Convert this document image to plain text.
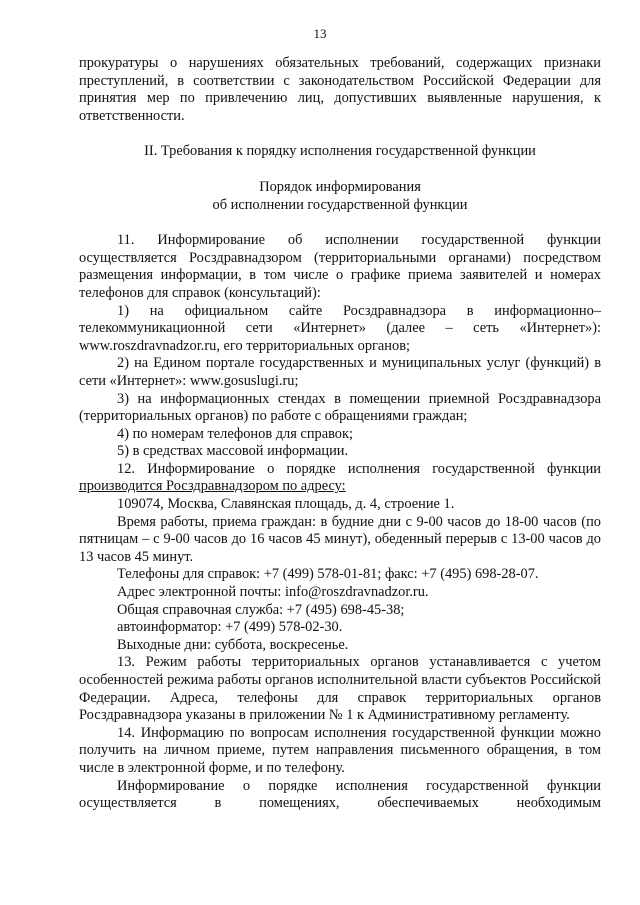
13

прокуратуры о нарушениях обязательных требований, содержащих признаки преступлений, в соответствии с законодательством Российской Федерации для принятия мер по привлечению лиц, допустивших выявленные нарушения, к ответственности.

II. Требования к порядку исполнения государственной функции

Порядок информирования

об исполнении государственной функции

11. Информирование об исполнении государственной функции осуществляется Росздравнадзором (территориальными органами) посредством размещения информации, в том числе о графике приема заявителей и номерах телефонов для справок (консультаций):

1) на официальном сайте Росздравнадзора в информационно–телекоммуникационной сети «Интернет» (далее – сеть «Интернет»): www.roszdravnadzor.ru, его территориальных органов;

2) на Едином портале государственных и муниципальных услуг (функций) в сети «Интернет»: www.gosuslugi.ru;

3) на информационных стендах в помещении приемной Росздравнадзора (территориальных органов) по работе с обращениями граждан;

4) по номерам телефонов для справок;

5) в средствах массовой информации.

12. Информирование о порядке исполнения государственной функции

производится Росздравнадзором по адресу:

109074, Москва, Славянская площадь, д. 4, строение 1.

Время работы, приема граждан: в будние дни с 9-00 часов до 18-00 часов (по пятницам – с 9-00 часов до 16 часов 45 минут), обеденный перерыв с 13-00 часов до 13 часов 45 минут.

Телефоны для справок: +7 (499) 578-01-81; факс: +7 (495) 698-28-07.

Адрес электронной почты: info@roszdravnadzor.ru.

Общая справочная служба: +7 (495) 698-45-38;

автоинформатор: +7 (499) 578-02-30.

Выходные дни: суббота, воскресенье.

13. Режим работы территориальных органов устанавливается с учетом особенностей режима работы органов исполнительной власти субъектов Российской Федерации. Адреса, телефоны для справок территориальных органов Росздравнадзора указаны в приложении № 1 к Административному регламенту.

14. Информацию по вопросам исполнения государственной функции можно получить на личном приеме, путем направления письменного обращения, в том числе в электронной форме, и по телефону.

Информирование о порядке исполнения государственной функции осуществляется в помещениях, обеспечиваемых необходимым
